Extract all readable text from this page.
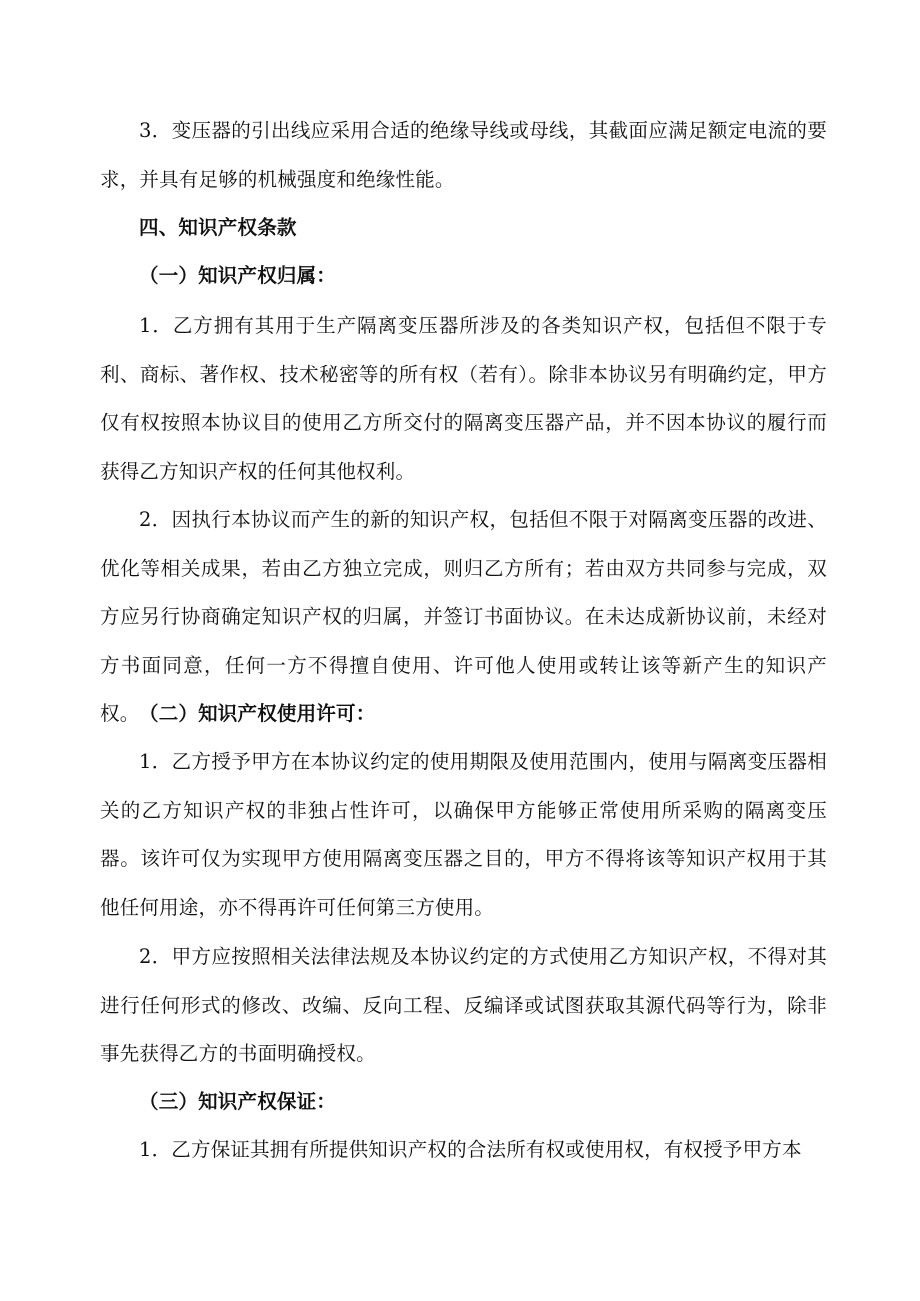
3．变压器的引出线应采用合适的绝缘导线或母线，其截面应满足额定电流的要求，并具有足够的机械强度和绝缘性能。

四、知识产权条款

（一）知识产权归属：

1．乙方拥有其用于生产隔离变压器所涉及的各类知识产权，包括但不限于专利、商标、著作权、技术秘密等的所有权（若有）。除非本协议另有明确约定，甲方仅有权按照本协议目的使用乙方所交付的隔离变压器产品，并不因本协议的履行而获得乙方知识产权的任何其他权利。

2．因执行本协议而产生的新的知识产权，包括但不限于对隔离变压器的改进、优化等相关成果，若由乙方独立完成，则归乙方所有；若由双方共同参与完成，双方应另行协商确定知识产权的归属，并签订书面协议。在未达成新协议前，未经对方书面同意，任何一方不得擅自使用、许可他人使用或转让该等新产生的知识产权。 （二）知识产权使用许可：

1．乙方授予甲方在本协议约定的使用期限及使用范围内，使用与隔离变压器相关的乙方知识产权的非独占性许可，以确保甲方能够正常使用所采购的隔离变压器。该许可仅为实现甲方使用隔离变压器之目的，甲方不得将该等知识产权用于其他任何用途，亦不得再许可任何第三方使用。

2．甲方应按照相关法律法规及本协议约定的方式使用乙方知识产权，不得对其进行任何形式的修改、改编、反向工程、反编译或试图获取其源代码等行为，除非事先获得乙方的书面明确授权。

（三）知识产权保证：

1．乙方保证其拥有所提供知识产权的合法所有权或使用权，有权授予甲方本
